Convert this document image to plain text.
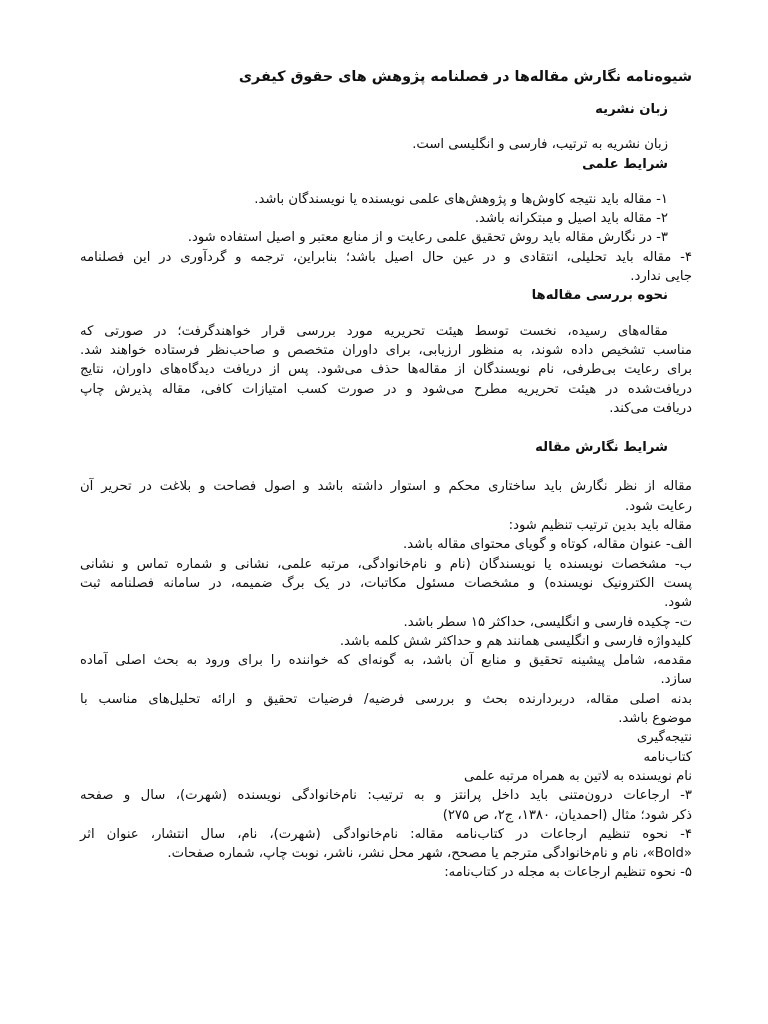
شیوه‌نامه نگارش مقاله‌ها در فصلنامه پژوهش های حقوق کیفری
زبان نشریه
زبان نشریه به ترتیب، فارسی و انگلیسی است.
شرایط علمی
۱- مقاله باید نتیجه کاوش‌ها و پژوهش‌های علمی نویسنده یا نویسندگان باشد.
۲- مقاله باید اصیل و مبتکرانه باشد.
۳- در نگارش مقاله باید روش تحقیق علمی رعایت و از منابع معتبر و اصیل استفاده شود.
۴- مقاله باید تحلیلی، انتقادی و در عین حال اصیل باشد؛ بنابراین، ترجمه و گردآوری در این فصلنامه
جایی ندارد.
نحوه بررسی مقاله‌ها
مقاله‌های رسیده، نخست توسط هیئت تحریریه مورد بررسی قرار خواهندگرفت؛ در صورتی که
مناسب تشخیص داده شوند، به منظور ارزیابی، برای داوران متخصص و صاحب‌نظر فرستاده خواهند شد.
برای رعایت بی‌طرفی، نام نویسندگان از مقاله‌ها حذف می‌شود. پس از دریافت دیدگاه‌های داوران، نتایج
دریافت‌شده در هیئت تحریریه مطرح می‌شود و در صورت کسب امتیازات کافی، مقاله پذیرش چاپ
دریافت می‌کند.
شرایط نگارش مقاله
مقاله از نظر نگارش باید ساختاری محکم و استوار داشته باشد و اصول فصاحت و بلاغت در تحریر آن
رعایت شود.
مقاله باید بدین ترتیب تنظیم شود:
الف- عنوان مقاله، کوتاه و گویای محتوای مقاله باشد.
ب- مشخصات نویسنده یا نویسندگان (نام و نام‌خانوادگی، مرتبه علمی، نشانی و شماره تماس و نشانی
پست الکترونیک نویسنده) و مشخصات مسئول مکاتبات، در یک برگ ضمیمه، در سامانه فصلنامه ثبت
شود.
ت- چکیده فارسی و انگلیسی، حداکثر ۱۵ سطر باشد.
کلیدواژه فارسی و انگلیسی همانند هم و حداکثر شش کلمه باشد.
مقدمه، شامل پیشینه تحقیق و منابع آن باشد، به گونه‌ای که خواننده را برای ورود به بحث اصلی آماده
سازد.
بدنه اصلی مقاله، دربردارنده بحث و بررسی فرضیه/ فرضیات تحقیق و ارائه تحلیل‌های مناسب با
موضوع باشد.
نتیجه‌گیری
کتاب‌نامه
نام نویسنده به لاتین به همراه مرتبه علمی
۳- ارجاعات درون‌متنی باید داخل پرانتز و به ترتیب: نام‌خانوادگی نویسنده (شهرت)، سال و صفحه
ذکر شود؛ مثال (احمدیان، ۱۳۸۰، ج۲، ص ۲۷۵)
۴- نحوه تنظیم ارجاعات در کتاب‌نامه مقاله: نام‌خانوادگی (شهرت)، نام، سال انتشار، عنوان اثر
«Bold»، نام و نام‌خانوادگی مترجم یا مصحح، شهر محل نشر، ناشر، نوبت چاپ، شماره صفحات.
۵- نحوه تنظیم ارجاعات به مجله در کتاب‌نامه:
